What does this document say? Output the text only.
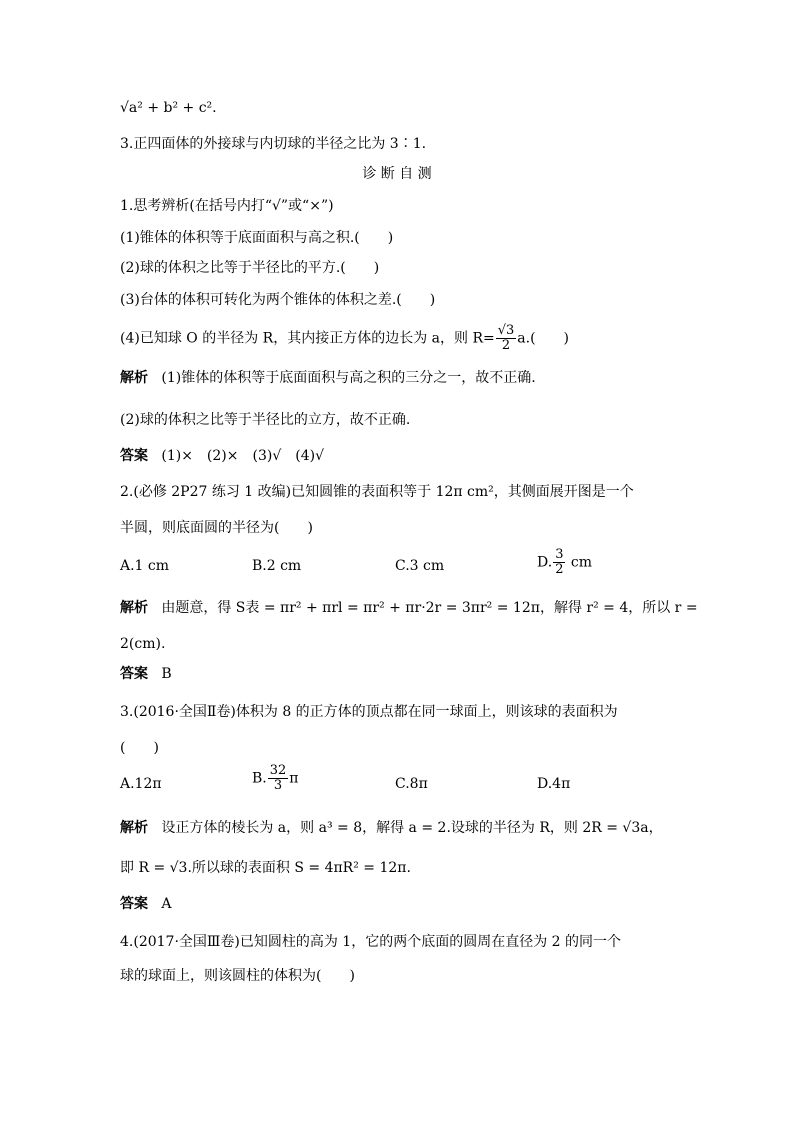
√a² + b² + c².
3.正四面体的外接球与内切球的半径之比为 3∶1.
诊 断 自 测
1.思考辨析(在括号内打“√”或“×”)
(1)锥体的体积等于底面面积与高之积.(　　)
(2)球的体积之比等于半径比的平方.(　　)
(3)台体的体积可转化为两个锥体的体积之差.(　　)
(4)已知球 O 的半径为 R，其内接正方体的边长为 a，则 $R= \frac{√3}{2} a$.(　　)
解析 (1)锥体的体积等于底面面积与高之积的三分之一，故不正确.
(2)球的体积之比等于半径比的立方，故不正确.
答案 (1)×　(2)×　(3)√　(4)√
2.(必修 2P27 练习 1 改编)已知圆锥的表面积等于 12π cm²，其侧面展开图是一个
半圆，则底面圆的半径为(　　)
A.1 cm	B.2 cm	C.3 cm	D. $\frac{3}{2}$ cm
解析 由题意，得 S表 = πr² + πrl = πr² + πr·2r = 3πr² = 12π，解得 r² = 4，所以 r =
2(cm).
答案 B
3.(2016·全国Ⅱ卷)体积为 8 的正方体的顶点都在同一球面上，则该球的表面积为
(　　)
A.12π	B. $\frac{32}{3}$ π	C.8π	D.4π
解析 设正方体的棱长为 a，则 a³ = 8，解得 a = 2.设球的半径为 R，则 2R = √3a，
即 R = √3.所以球的表面积 S = 4πR² = 12π.
答案 A
4.(2017·全国Ⅲ卷)已知圆柱的高为 1，它的两个底面的圆周在直径为 2 的同一个
球的球面上，则该圆柱的体积为(　　)
